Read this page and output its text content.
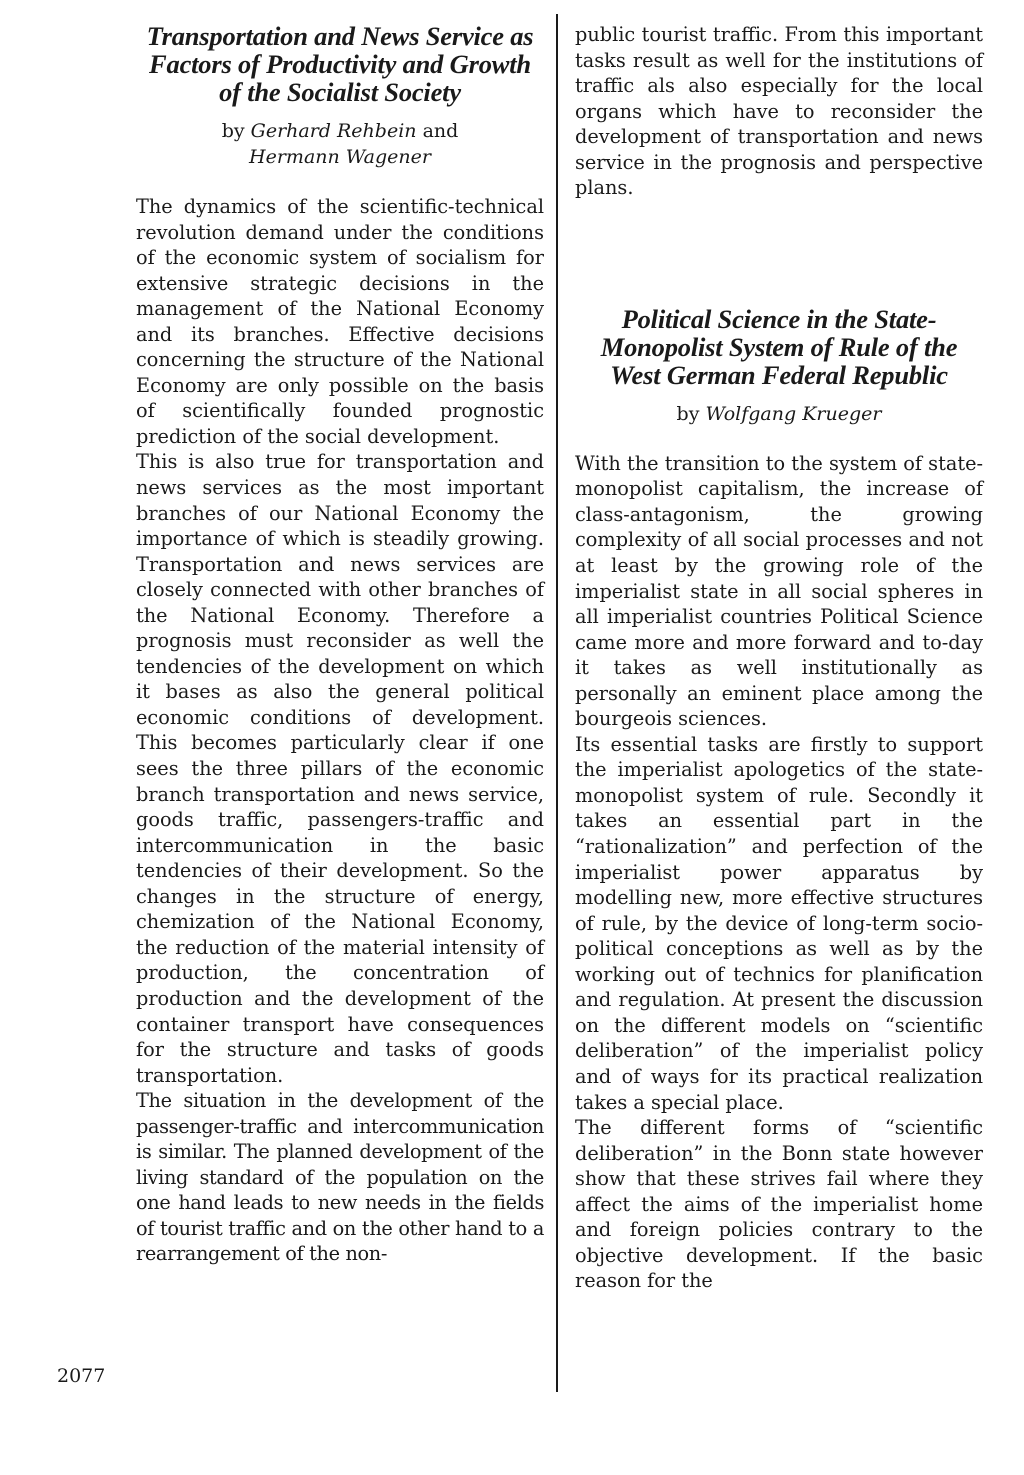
Transportation and News Service as Factors of Productivity and Growth of the Socialist Society
by Gerhard Rehbein and
Hermann Wagener

The dynamics of the scientific-technical revolution demand under the conditions of the economic system of socialism for extensive strategic decisions in the management of the National Economy and its branches. Effective decisions concerning the structure of the National Economy are only possible on the basis of scientifically founded prognostic prediction of the social development.

This is also true for transportation and news services as the most important branches of our National Economy the importance of which is steadily growing. Transportation and news services are closely connected with other branches of the National Economy. Therefore a prognosis must reconsider as well the tendencies of the development on which it bases as also the general political economic conditions of development. This becomes particularly clear if one sees the three pillars of the economic branch transportation and news service, goods traffic, passengers-traffic and intercommunication in the basic tendencies of their development. So the changes in the structure of energy, chemization of the National Economy, the reduction of the material intensity of production, the concentration of production and the development of the container transport have consequences for the structure and tasks of goods transportation.

The situation in the development of the passenger-traffic and intercommunication is similar. The planned development of the living standard of the population on the one hand leads to new needs in the fields of tourist traffic and on the other hand to a rearrangement of the non-

public tourist traffic. From this important tasks result as well for the institutions of traffic als also especially for the local organs which have to reconsider the development of transportation and news service in the prognosis and perspective plans.

Political Science in the State-Monopolist System of Rule of the West German Federal Republic
by Wolfgang Krueger

With the transition to the system of state-monopolist capitalism, the increase of class-antagonism, the growing complexity of all social processes and not at least by the growing role of the imperialist state in all social spheres in all imperialist countries Political Science came more and more forward and to-day it takes as well institutionally as personally an eminent place among the bourgeois sciences.

Its essential tasks are firstly to support the imperialist apologetics of the state-monopolist system of rule. Secondly it takes an essential part in the “rationalization” and perfection of the imperialist power apparatus by modelling new, more effective structures of rule, by the device of long-term socio-political conceptions as well as by the working out of technics for planification and regulation. At present the discussion on the different models on “scientific deliberation” of the imperialist policy and of ways for its practical realization takes a special place.

The different forms of “scientific deliberation” in the Bonn state however show that these strives fail where they affect the aims of the imperialist home and foreign policies contrary to the objective development. If the basic reason for the

2077
